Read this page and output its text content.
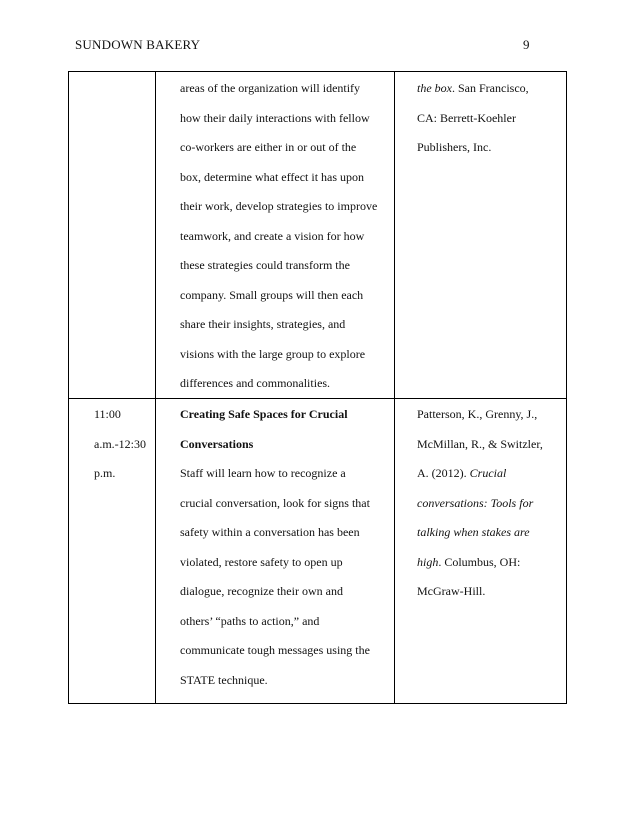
SUNDOWN BAKERY	9
areas of the organization will identify
how their daily interactions with fellow
co-workers are either in or out of the
box, determine what effect it has upon
their work, develop strategies to improve
teamwork, and create a vision for how
these strategies could transform the
company. Small groups will then each
share their insights, strategies, and
visions with the large group to explore
differences and commonalities.
the box. San Francisco,
CA: Berrett-Koehler
Publishers, Inc.
11:00
a.m.-12:30
p.m.
Creating Safe Spaces for Crucial
Conversations
Staff will learn how to recognize a
crucial conversation, look for signs that
safety within a conversation has been
violated, restore safety to open up
dialogue, recognize their own and
others’ “paths to action,” and
communicate tough messages using the
STATE technique.
Patterson, K., Grenny, J.,
McMillan, R., & Switzler,
A. (2012). Crucial
conversations: Tools for
talking when stakes are
high. Columbus, OH:
McGraw-Hill.
